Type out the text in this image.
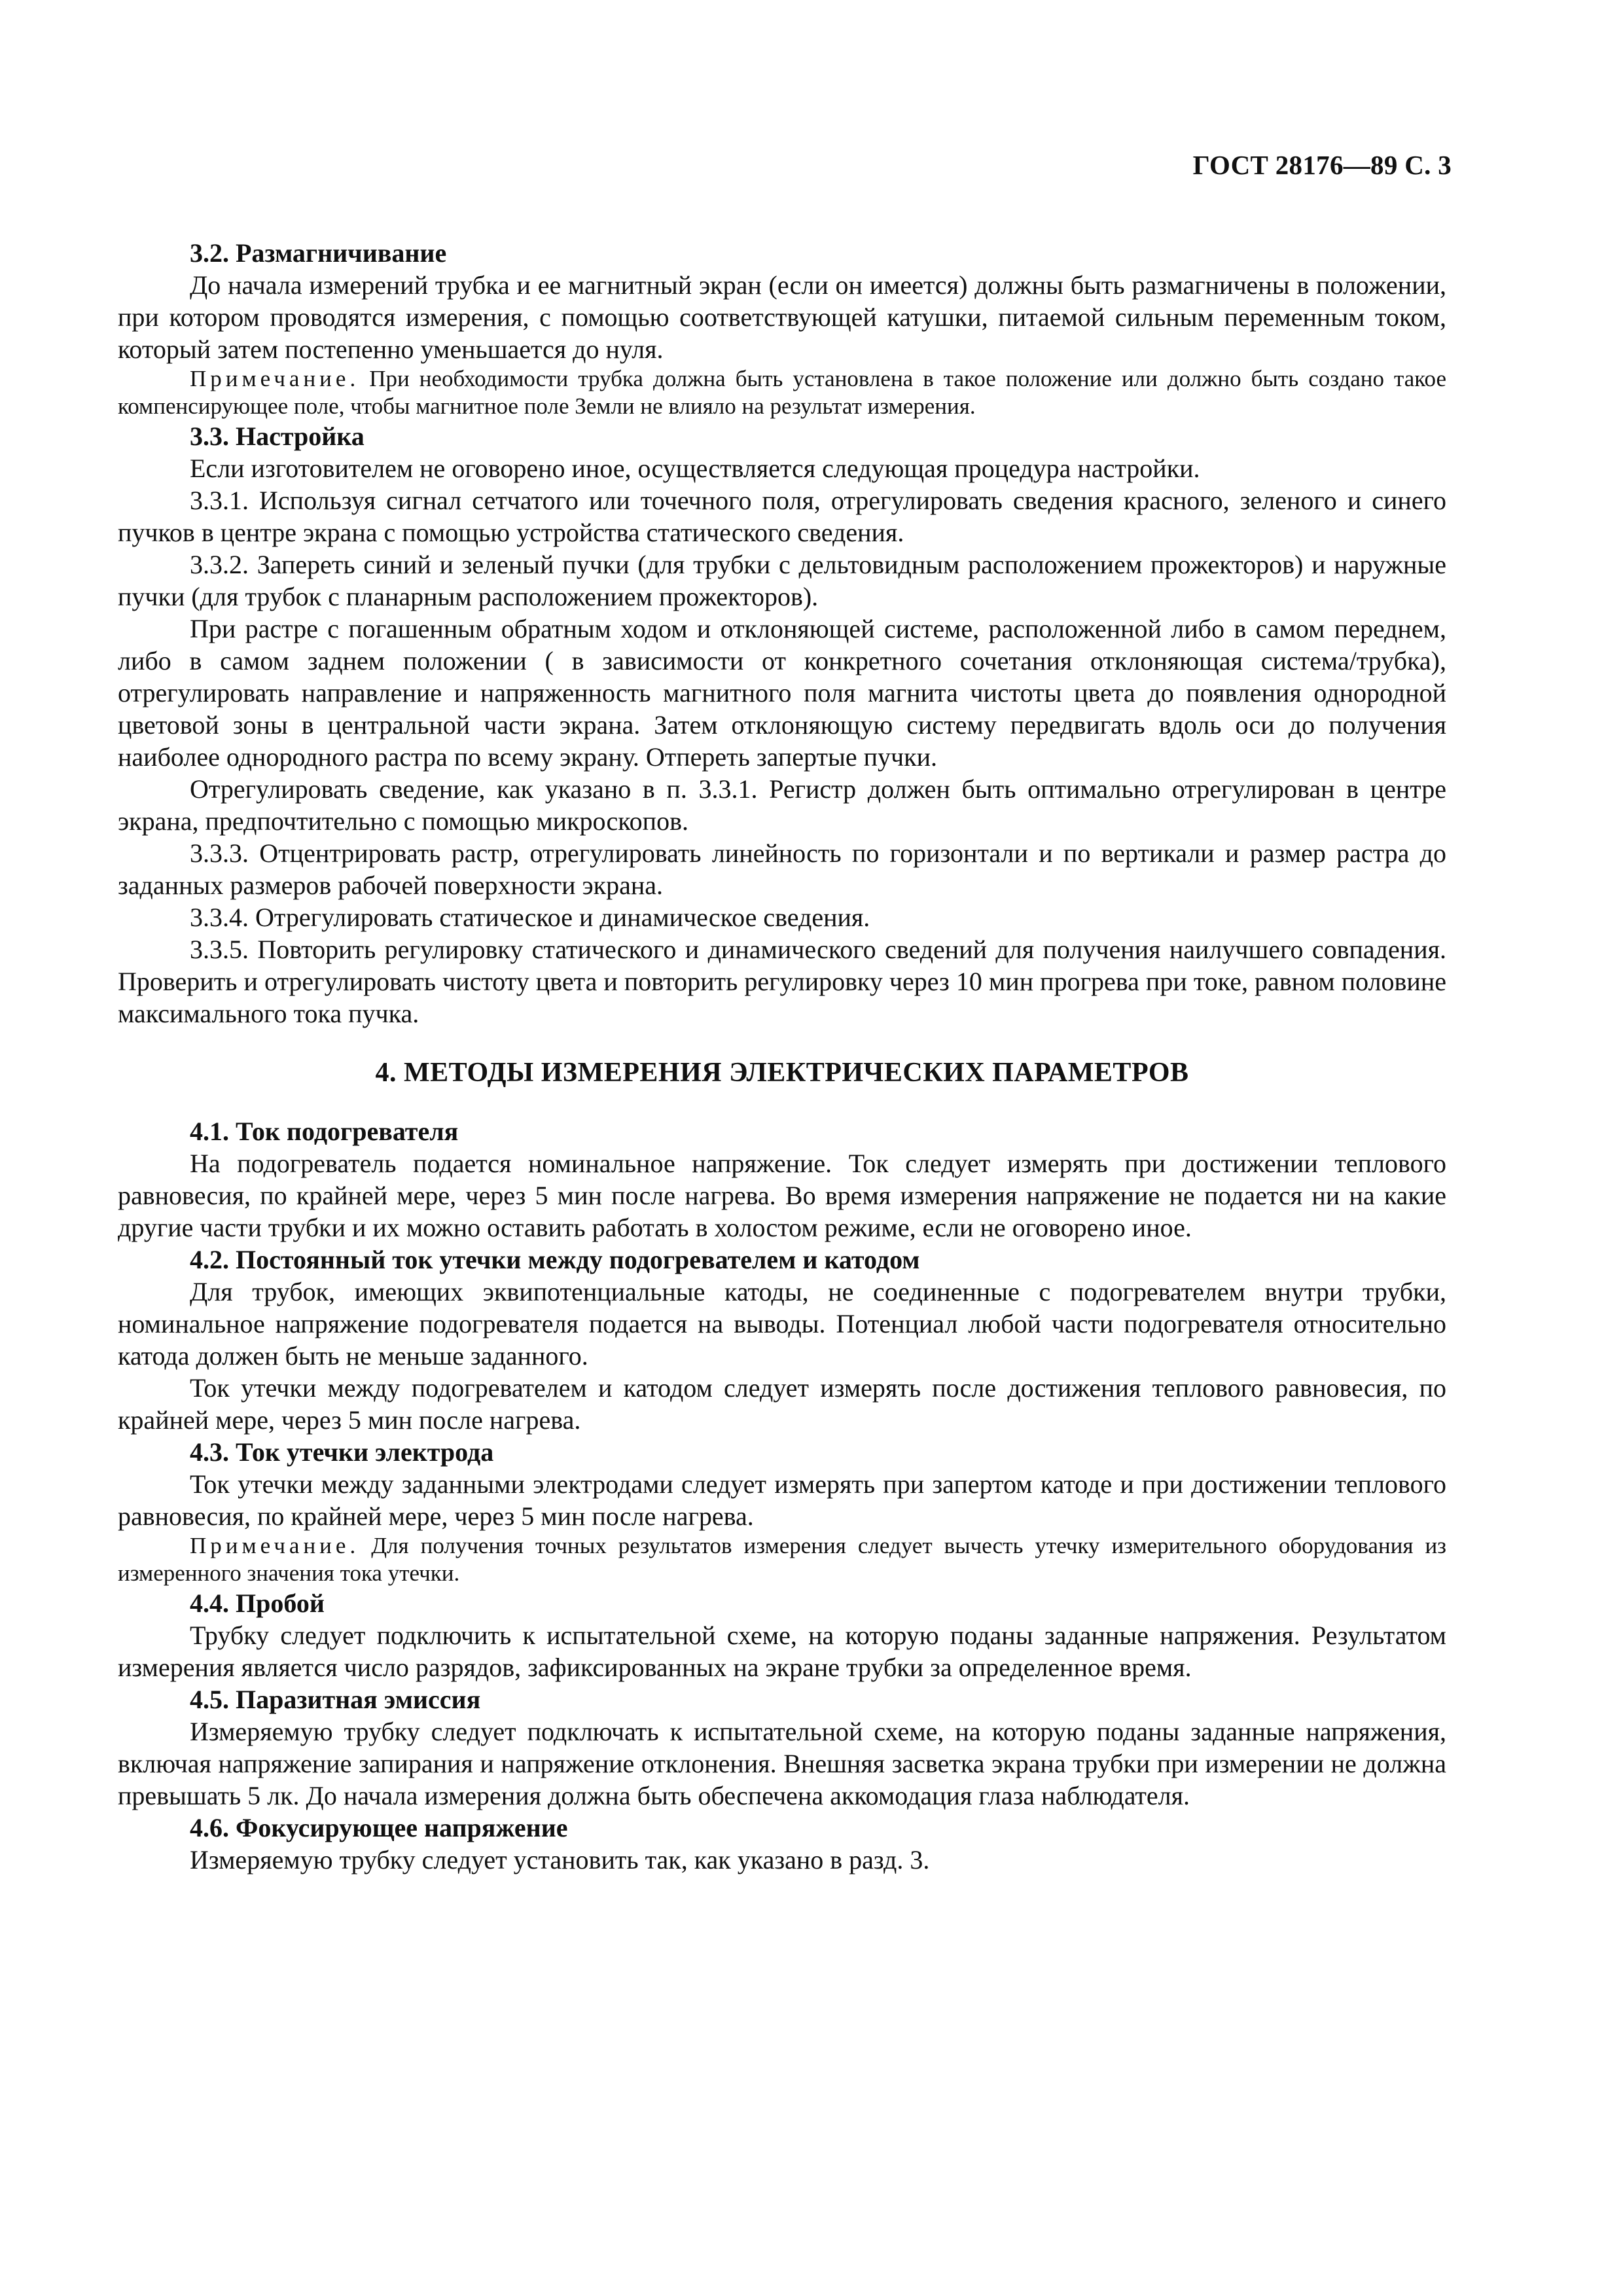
ГОСТ 28176—89 С. 3
3.2. Размагничивание

До начала измерений трубка и ее магнитный экран (если он имеется) должны быть размагничены в положении, при котором проводятся измерения, с помощью соответствующей катушки, питаемой сильным переменным током, который затем постепенно уменьшается до нуля.

Примечание. При необходимости трубка должна быть установлена в такое положение или должно быть создано такое компенсирующее поле, чтобы магнитное поле Земли не влияло на результат измерения.

3.3. Настройка

Если изготовителем не оговорено иное, осуществляется следующая процедура настройки.

3.3.1. Используя сигнал сетчатого или точечного поля, отрегулировать сведения красного, зеленого и синего пучков в центре экрана с помощью устройства статического сведения.

3.3.2. Запереть синий и зеленый пучки (для трубки с дельтовидным расположением прожекторов) и наружные пучки (для трубок с планарным расположением прожекторов).

При растре с погашенным обратным ходом и отклоняющей системе, расположенной либо в самом переднем, либо в самом заднем положении ( в зависимости от конкретного сочетания отклоняющая система/трубка), отрегулировать направление и напряженность магнитного поля магнита чистоты цвета до появления однородной цветовой зоны в центральной части экрана. Затем отклоняющую систему передвигать вдоль оси до получения наиболее однородного растра по всему экрану. Отпереть запертые пучки.

Отрегулировать сведение, как указано в п. 3.3.1. Регистр должен быть оптимально отрегулирован в центре экрана, предпочтительно с помощью микроскопов.

3.3.3. Отцентрировать растр, отрегулировать линейность по горизонтали и по вертикали и размер растра до заданных размеров рабочей поверхности экрана.

3.3.4. Отрегулировать статическое и динамическое сведения.

3.3.5. Повторить регулировку статического и динамического сведений для получения наилучшего совпадения. Проверить и отрегулировать чистоту цвета и повторить регулировку через 10 мин прогрева при токе, равном половине максимального тока пучка.

4. МЕТОДЫ ИЗМЕРЕНИЯ ЭЛЕКТРИЧЕСКИХ ПАРАМЕТРОВ
4.1. Ток подогревателя

На подогреватель подается номинальное напряжение. Ток следует измерять при достижении теплового равновесия, по крайней мере, через 5 мин после нагрева. Во время измерения напряжение не подается ни на какие другие части трубки и их можно оставить работать в холостом режиме, если не оговорено иное.

4.2. Постоянный ток утечки между подогревателем и катодом

Для трубок, имеющих эквипотенциальные катоды, не соединенные с подогревателем внутри трубки, номинальное напряжение подогревателя подается на выводы. Потенциал любой части подогревателя относительно катода должен быть не меньше заданного.

Ток утечки между подогревателем и катодом следует измерять после достижения теплового равновесия, по крайней мере, через 5 мин после нагрева.

4.3. Ток утечки электрода

Ток утечки между заданными электродами следует измерять при запертом катоде и при достижении теплового равновесия, по крайней мере, через 5 мин после нагрева.

Примечание. Для получения точных результатов измерения следует вычесть утечку измерительного оборудования из измеренного значения тока утечки.

4.4. Пробой

Трубку следует подключить к испытательной схеме, на которую поданы заданные напряжения. Результатом измерения является число разрядов, зафиксированных на экране трубки за определенное время.

4.5. Паразитная эмиссия

Измеряемую трубку следует подключать к испытательной схеме, на которую поданы заданные напряжения, включая напряжение запирания и напряжение отклонения. Внешняя засветка экрана трубки при измерении не должна превышать 5 лк. До начала измерения должна быть обеспечена аккомодация глаза наблюдателя.

4.6. Фокусирующее напряжение

Измеряемую трубку следует установить так, как указано в разд. 3.
